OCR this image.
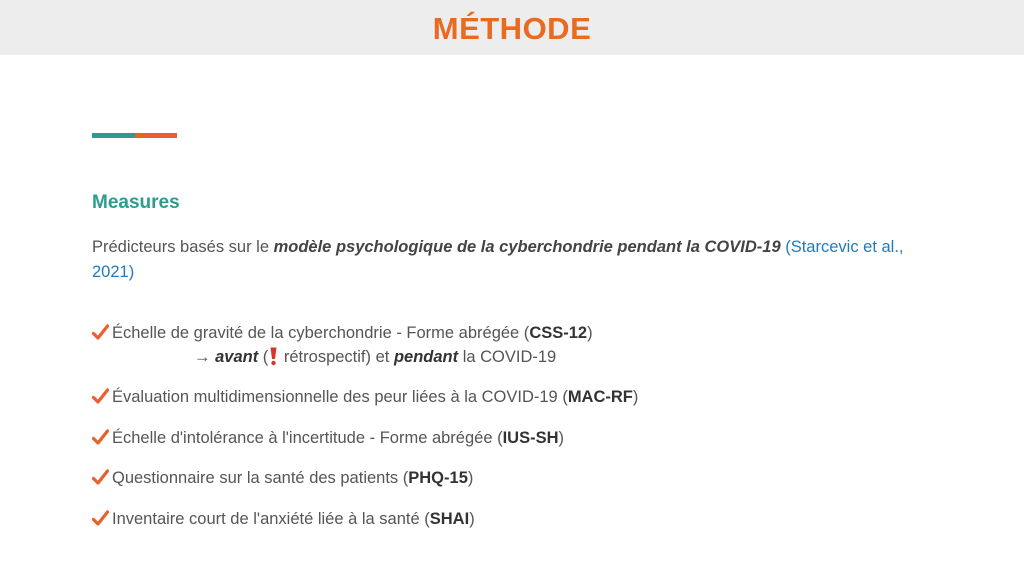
MÉTHODE
Measures
Prédicteurs basés sur le modèle psychologique de la cyberchondrie pendant la COVID-19 (Starcevic et al., 2021)
Échelle de gravité de la cyberchondrie - Forme abrégée (CSS-12)
→ avant ( rétrospectif) et pendant la COVID-19
Évaluation multidimensionnelle des peur liées à la COVID-19 (MAC-RF)
Échelle d'intolérance à l'incertitude - Forme abrégée (IUS-SH)
Questionnaire sur la santé des patients (PHQ-15)
Inventaire court de l'anxiété liée à la santé (SHAI)
